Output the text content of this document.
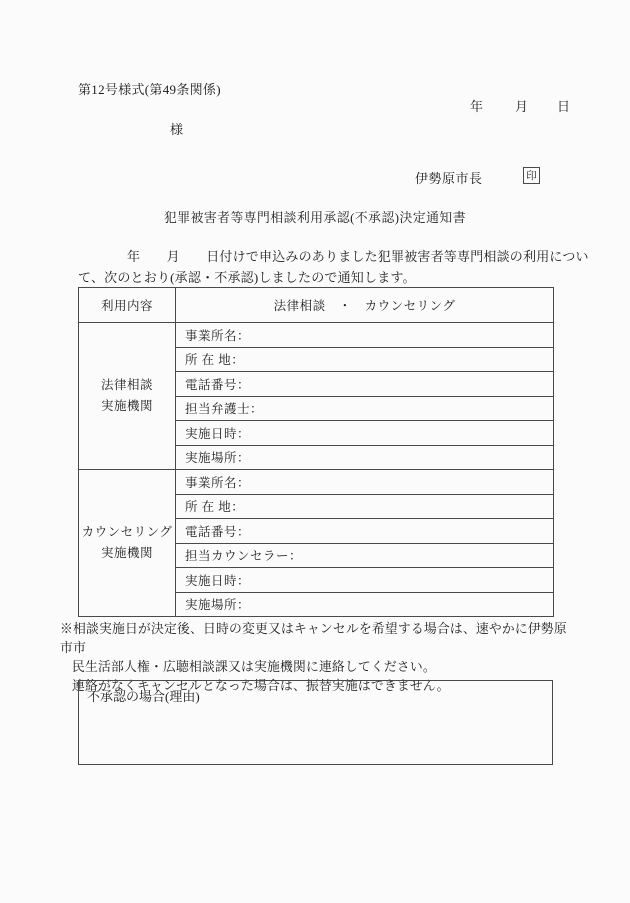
第12号様式(第49条関係)
年 月 日
様
伊勢原市長	印
犯罪被害者等専門相談利用承認(不承認)決定通知書
年　　月　　日付けで申込みのありました犯罪被害者等専門相談の利用につい
て、次のとおり(承認・不承認)しましたので通知します。
利用内容	法律相談　・　カウンセリング

法律相談
実施機関	事業所名：
	所 在 地：
	電話番号：
	担当弁護士：
	実施日時：
	実施場所：

カウンセリング
実施機関	事業所名：
	所 在 地：
	電話番号：
	担当カウンセラー：
	実施日時：
	実施場所：
※相談実施日が決定後、日時の変更又はキャンセルを希望する場合は、速やかに伊勢原市市
民生活部人権・広聴相談課又は実施機関に連絡してください。
連絡がなくキャンセルとなった場合は、振替実施はできません。
不承認の場合(理由)
